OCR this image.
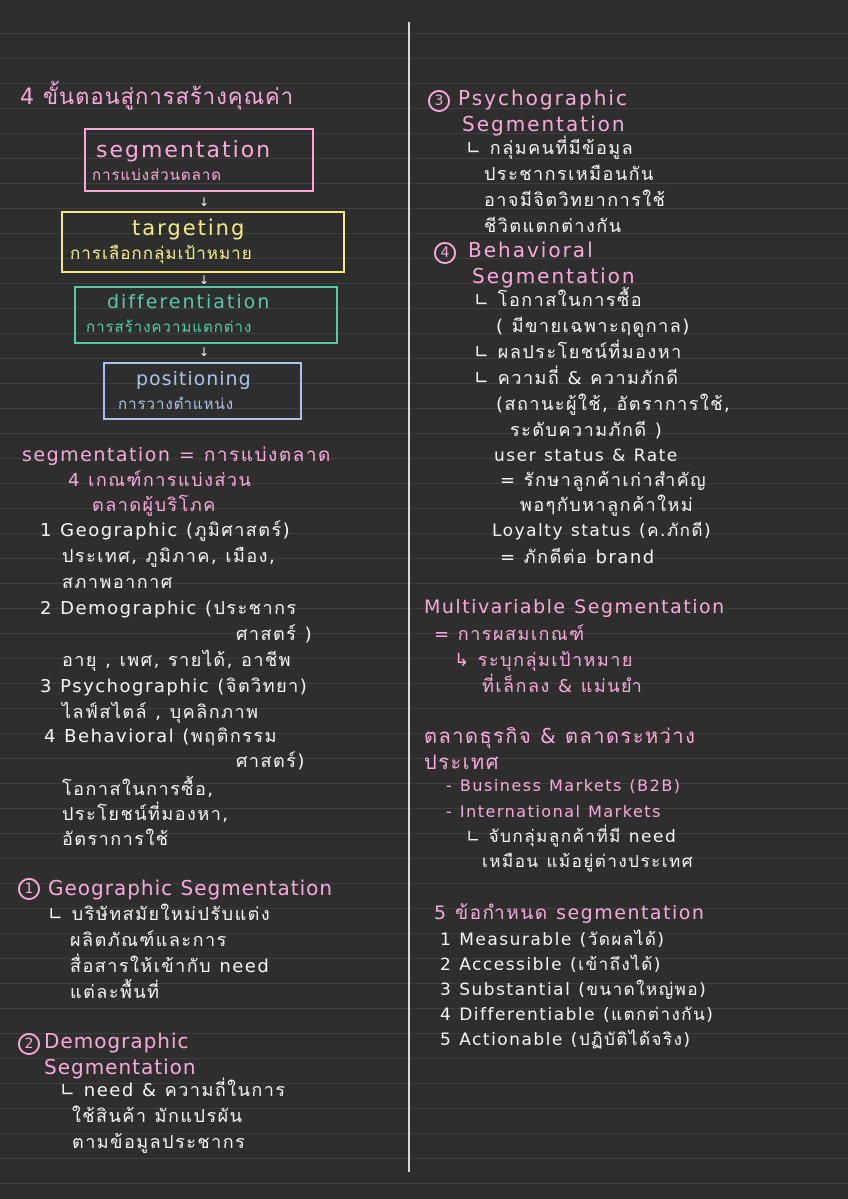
4 ขั้นตอนสู่การสร้างคุณค่า
segmentation
การแบ่งส่วนตลาด
↓
targeting
การเลือกกลุ่มเป้าหมาย
↓
differentiation
การสร้างความแตกต่าง
↓
positioning
การวางตำแหน่ง
segmentation = การแบ่งตลาด
4 เกณฑ์การแบ่งส่วน
ตลาดผู้บริโภค
1 Geographic (ภูมิศาสตร์)
ประเทศ, ภูมิภาค, เมือง,
สภาพอากาศ
2 Demographic (ประชากร
ศาสตร์ )
อายุ , เพศ, รายได้, อาชีพ
3 Psychographic (จิตวิทยา)
ไลฟ์สไตล์ , บุคลิกภาพ
4 Behavioral (พฤติกรรม
ศาสตร์)
โอกาสในการซื้อ,
ประโยชน์ที่มองหา,
อัตราการใช้
1 Geographic Segmentation
∟ บริษัทสมัยใหม่ปรับแต่ง
ผลิตภัณฑ์และการ
สื่อสารให้เข้ากับ need
แต่ละพื้นที่
2 Demographic
Segmentation
∟ need & ความถี่ในการ
ใช้สินค้า มักแปรผัน
ตามข้อมูลประชากร
3 Psychographic
Segmentation
∟ กลุ่มคนที่มีข้อมูล
ประชากรเหมือนกัน
อาจมีจิตวิทยาการใช้
ชีวิตแตกต่างกัน
4 Behavioral
Segmentation
∟ โอกาสในการซื้อ
( มีขายเฉพาะฤดูกาล)
∟ ผลประโยชน์ที่มองหา
∟ ความถี่ & ความภักดี
(สถานะผู้ใช้, อัตราการใช้,
ระดับความภักดี )
user status & Rate
= รักษาลูกค้าเก่าสำคัญ
พอๆกับหาลูกค้าใหม่
Loyalty status (ค.ภักดี)
= ภักดีต่อ brand
Multivariable Segmentation
= การผสมเกณฑ์
↳ ระบุกลุ่มเป้าหมาย
ที่เล็กลง & แม่นยำ
ตลาดธุรกิจ & ตลาดระหว่าง
ประเทศ
- Business Markets (B2B)
- International Markets
∟ จับกลุ่มลูกค้าที่มี need
เหมือน แม้อยู่ต่างประเทศ
5 ข้อกำหนด segmentation
1 Measurable (วัดผลได้)
2 Accessible (เข้าถึงได้)
3 Substantial (ขนาดใหญ่พอ)
4 Differentiable (แตกต่างกัน)
5 Actionable (ปฏิบัติได้จริง)
